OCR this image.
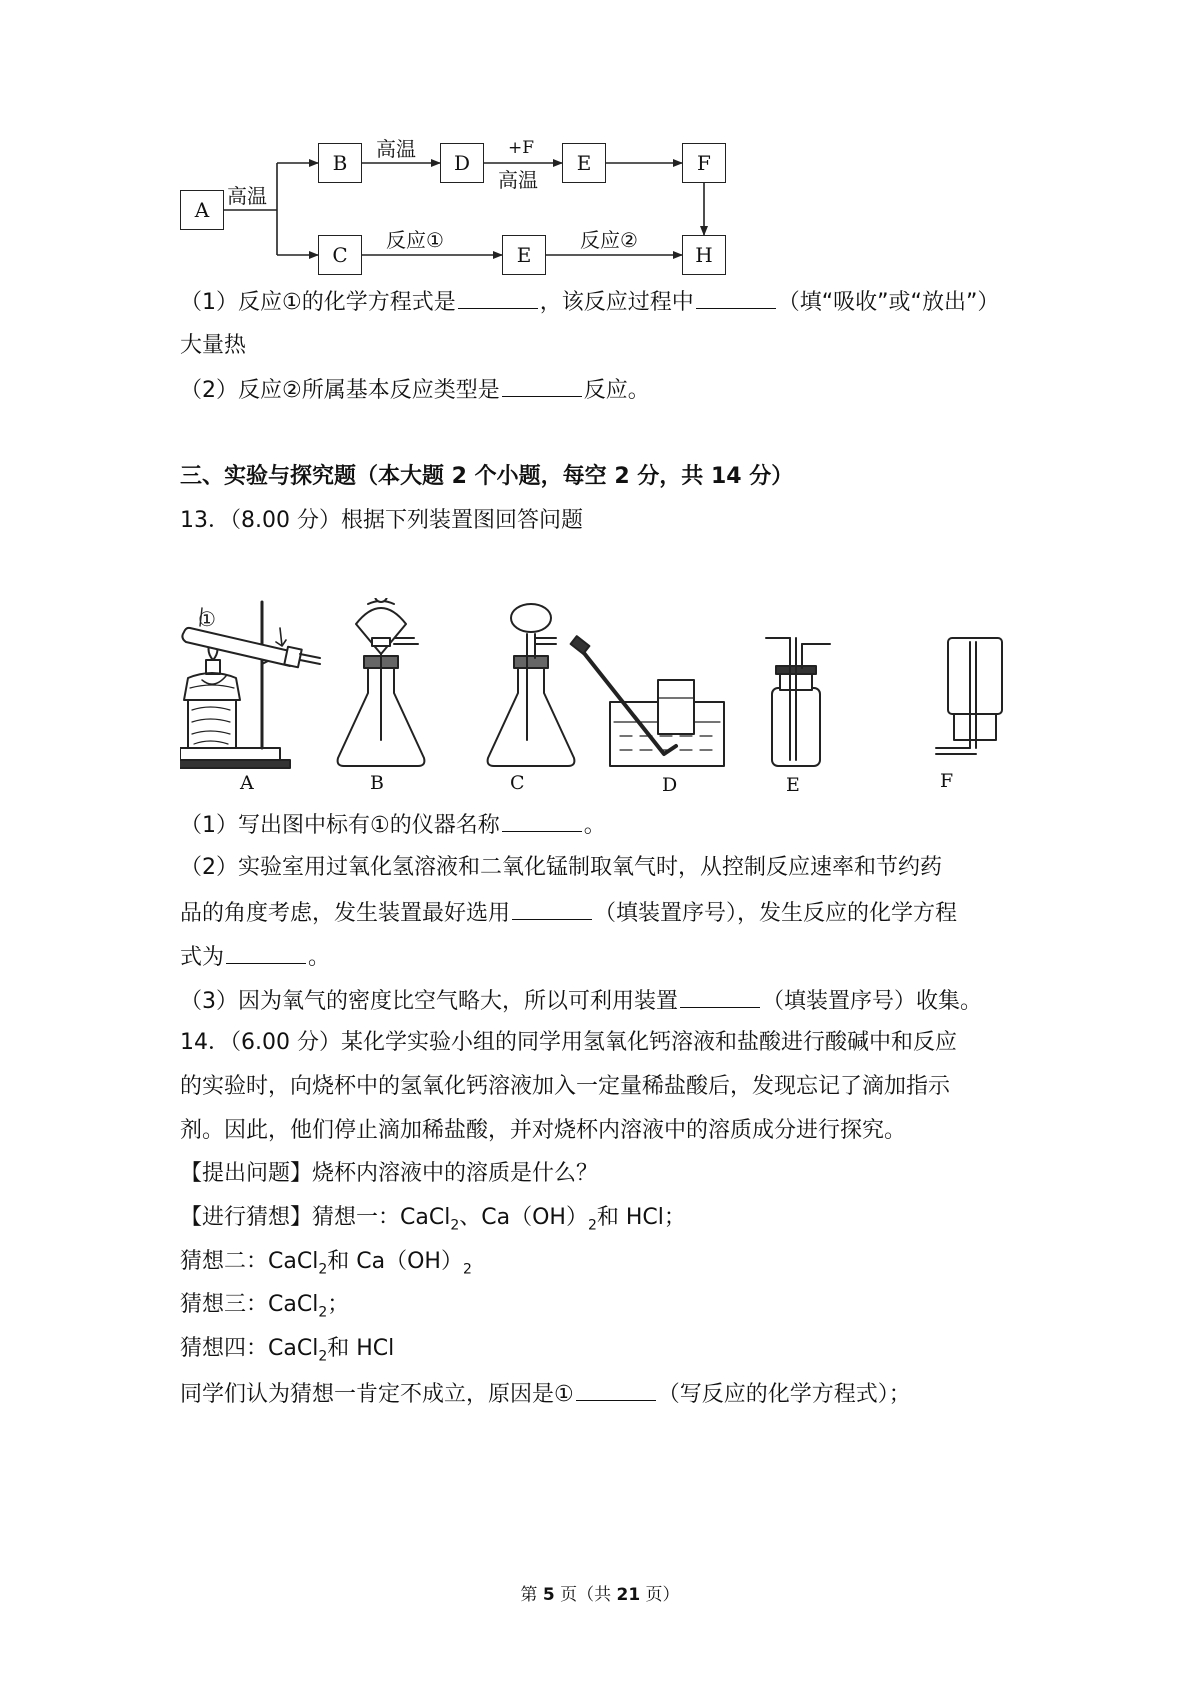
A
B	D	E	F
C	E	H
高温
高温	+F
高温
反应①	反应②
（1）反应①的化学方程式是	，该反应过程中	（填“吸收”或“放出”）
大量热
（2）反应②所属基本反应类型是	反应。
三、实验与探究题（本大题 2 个小题，每空 2 分，共 14 分）
13．（8.00 分）根据下列装置图回答问题
①
A	B	C	D	E	F
（1）写出图中标有①的仪器名称	。
（2）实验室用过氧化氢溶液和二氧化锰制取氧气时，从控制反应速率和节约药
品的角度考虑，发生装置最好选用	（填装置序号），发生反应的化学方程
式为	。
（3）因为氧气的密度比空气略大，所以可利用装置	（填装置序号）收集。
14．（6.00 分）某化学实验小组的同学用氢氧化钙溶液和盐酸进行酸碱中和反应
的实验时，向烧杯中的氢氧化钙溶液加入一定量稀盐酸后，发现忘记了滴加指示
剂。因此，他们停止滴加稀盐酸，并对烧杯内溶液中的溶质成分进行探究。
【提出问题】烧杯内溶液中的溶质是什么？
【进行猜想】猜想一：CaCl$_2$、$Ca(OH)_2$和 HCl；
猜想二：CaCl$_2$和 $Ca(OH)_2$
猜想三：CaCl$_2$；
猜想四：CaCl$_2$和 HCl
同学们认为猜想一肯定不成立，原因是①	（写反应的化学方程式）；
第 5 页（共 21 页）
